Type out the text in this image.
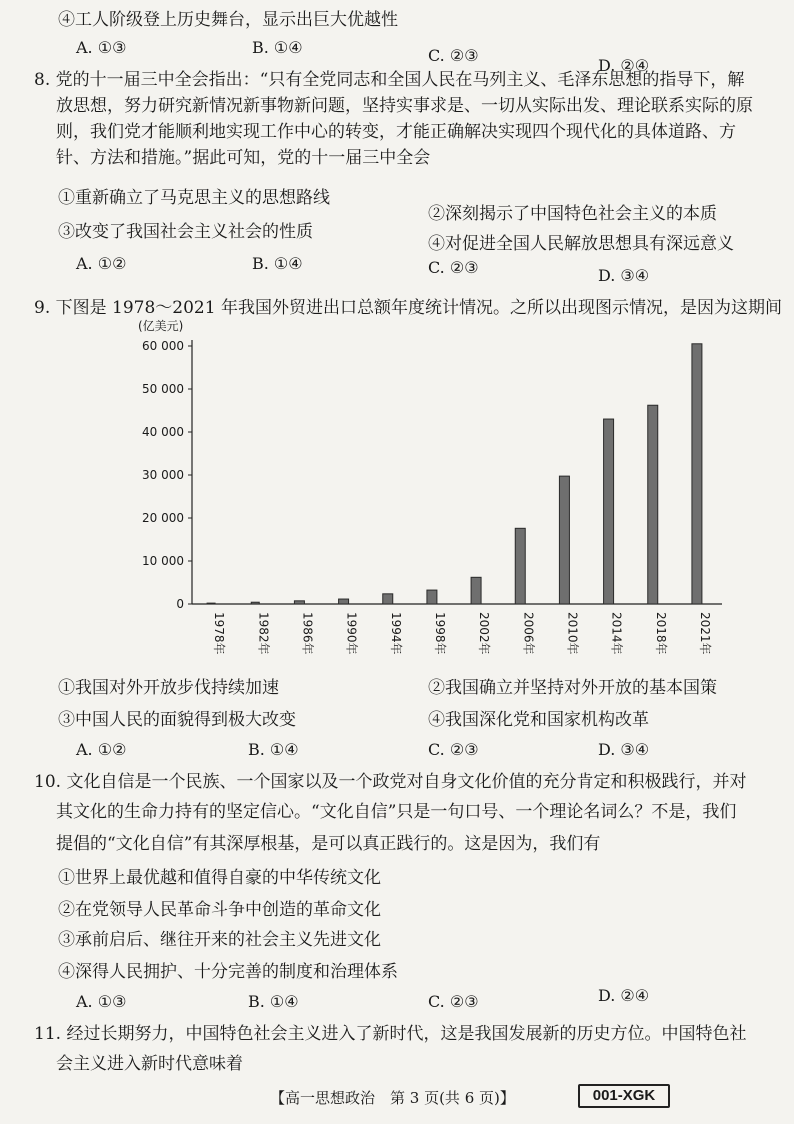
④工人阶级登上历史舞台，显示出巨大优越性
A. ①③	B. ①④	C. ②③
D. ②④
8. 党的十一届三中全会指出：“只有全党同志和全国人民在马列主义、毛泽东思想的指导下，解
放思想，努力研究新情况新事物新问题，坚持实事求是、一切从实际出发、理论联系实际的原
则，我们党才能顺利地实现工作中心的转变，才能正确解决实现四个现代化的具体道路、方
针、方法和措施。”据此可知，党的十一届三中全会
①重新确立了马克思主义的思想路线
②深刻揭示了中国特色社会主义的本质
③改变了我国社会主义社会的性质
④对促进全国人民解放思想具有深远意义
A. ①②	B. ①④	C. ②③	D. ③④
9. 下图是 1978～2021 年我国外贸进出口总额年度统计情况。之所以出现图示情况，是因为这期间
(亿美元)
0
10 000
20 000
30 000
40 000
50 000
60 000
1978年	1982年	1986年	1990年	1994年	1998年	2002年	2006年	2010年	2014年	2018年	2021年
①我国对外开放步伐持续加速	②我国确立并坚持对外开放的基本国策
③中国人民的面貌得到极大改变	④我国深化党和国家机构改革
A. ①②	B. ①④	C. ②③	D. ③④
10. 文化自信是一个民族、一个国家以及一个政党对自身文化价值的充分肯定和积极践行，并对
其文化的生命力持有的坚定信心。“文化自信”只是一句口号、一个理论名词么？不是，我们
提倡的“文化自信”有其深厚根基，是可以真正践行的。这是因为，我们有
①世界上最优越和值得自豪的中华传统文化
②在党领导人民革命斗争中创造的革命文化
③承前启后、继往开来的社会主义先进文化
④深得人民拥护、十分完善的制度和治理体系
A. ①③	B. ①④	C. ②③	D. ②④
11. 经过长期努力，中国特色社会主义进入了新时代，这是我国发展新的历史方位。中国特色社
会主义进入新时代意味着
【高一思想政治　第 3 页(共 6 页)】	001-XGK
